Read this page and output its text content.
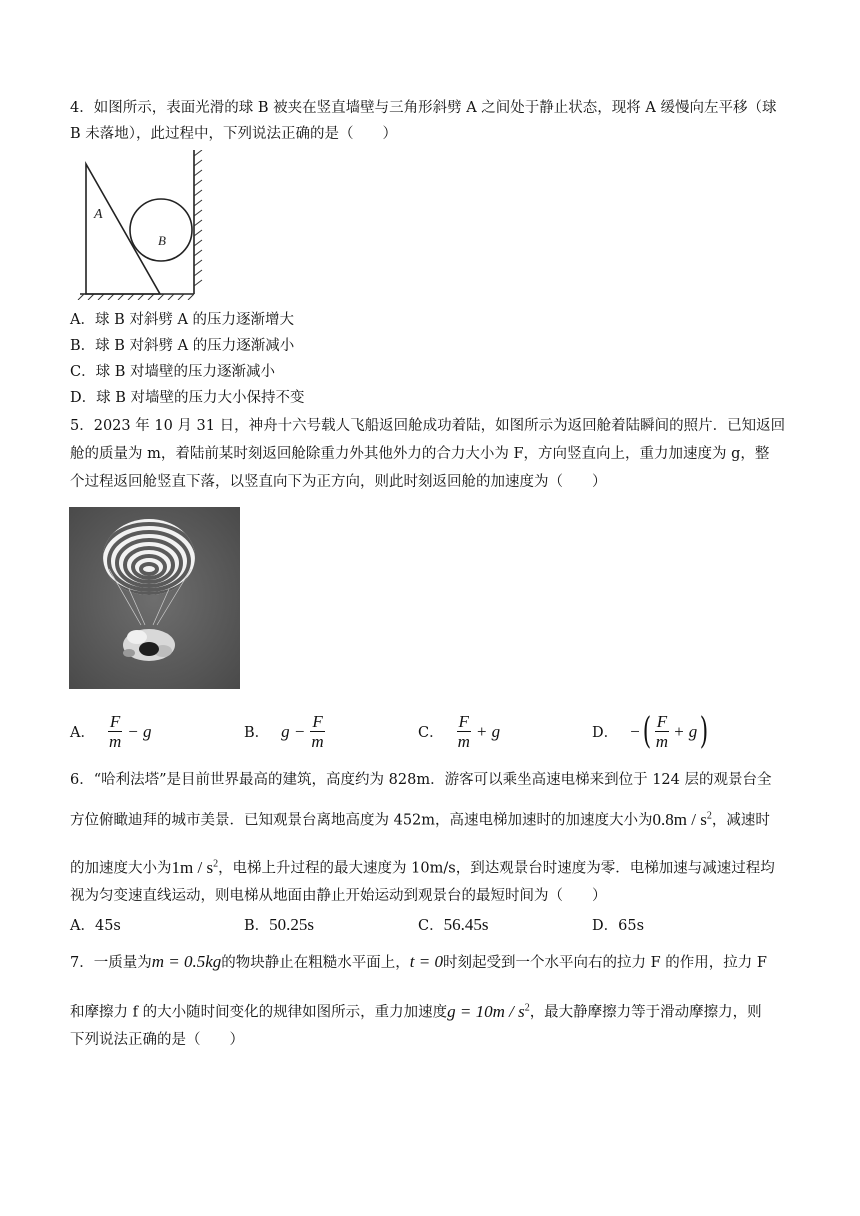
4．如图所示，表面光滑的球 B 被夹在竖直墙壁与三角形斜劈 A 之间处于静止状态，现将 A 缓慢向左平移（球
B 未落地），此过程中，下列说法正确的是（　　）
A
B
A．球 B 对斜劈 A 的压力逐渐增大
B．球 B 对斜劈 A 的压力逐渐减小
C．球 B 对墙壁的压力逐渐减小
D．球 B 对墙壁的压力大小保持不变
5．2023 年 10 月 31 日，神舟十六号载人飞船返回舱成功着陆，如图所示为返回舱着陆瞬间的照片．已知返回
舱的质量为 m，着陆前某时刻返回舱除重力外其他外力的合力大小为 F，方向竖直向上，重力加速度为 g，整
个过程返回舱竖直下落，以竖直向下为正方向，则此时刻返回舱的加速度为（　　）
A． $\frac{F}{m} - g$	B． $g - \frac{F}{m}$	C． $\frac{F}{m} + g$	D． − ( $\frac{F}{m} + g$ )
6．“哈利法塔”是目前世界最高的建筑，高度约为 828m．游客可以乘坐高速电梯来到位于 124 层的观景台全
方位俯瞰迪拜的城市美景．已知观景台离地高度为 452m，高速电梯加速时的加速度大小为$0.8m / s^2$，减速时
的加速度大小为$1m / s^2$，电梯上升过程的最大速度为 10m/s，到达观景台时速度为零．电梯加速与减速过程均
视为匀变速直线运动，则电梯从地面由静止开始运动到观景台的最短时间为（　　）
A．45s	B． 50.25s	C． 56.45s	D．65s
7．一质量为m = 0.5kg的物块静止在粗糙水平面上，t = 0时刻起受到一个水平向右的拉力 F 的作用，拉力 F
和摩擦力 f 的大小随时间变化的规律如图所示，重力加速度$g = 10m / s^2$，最大静摩擦力等于滑动摩擦力，则
下列说法正确的是（　　）
